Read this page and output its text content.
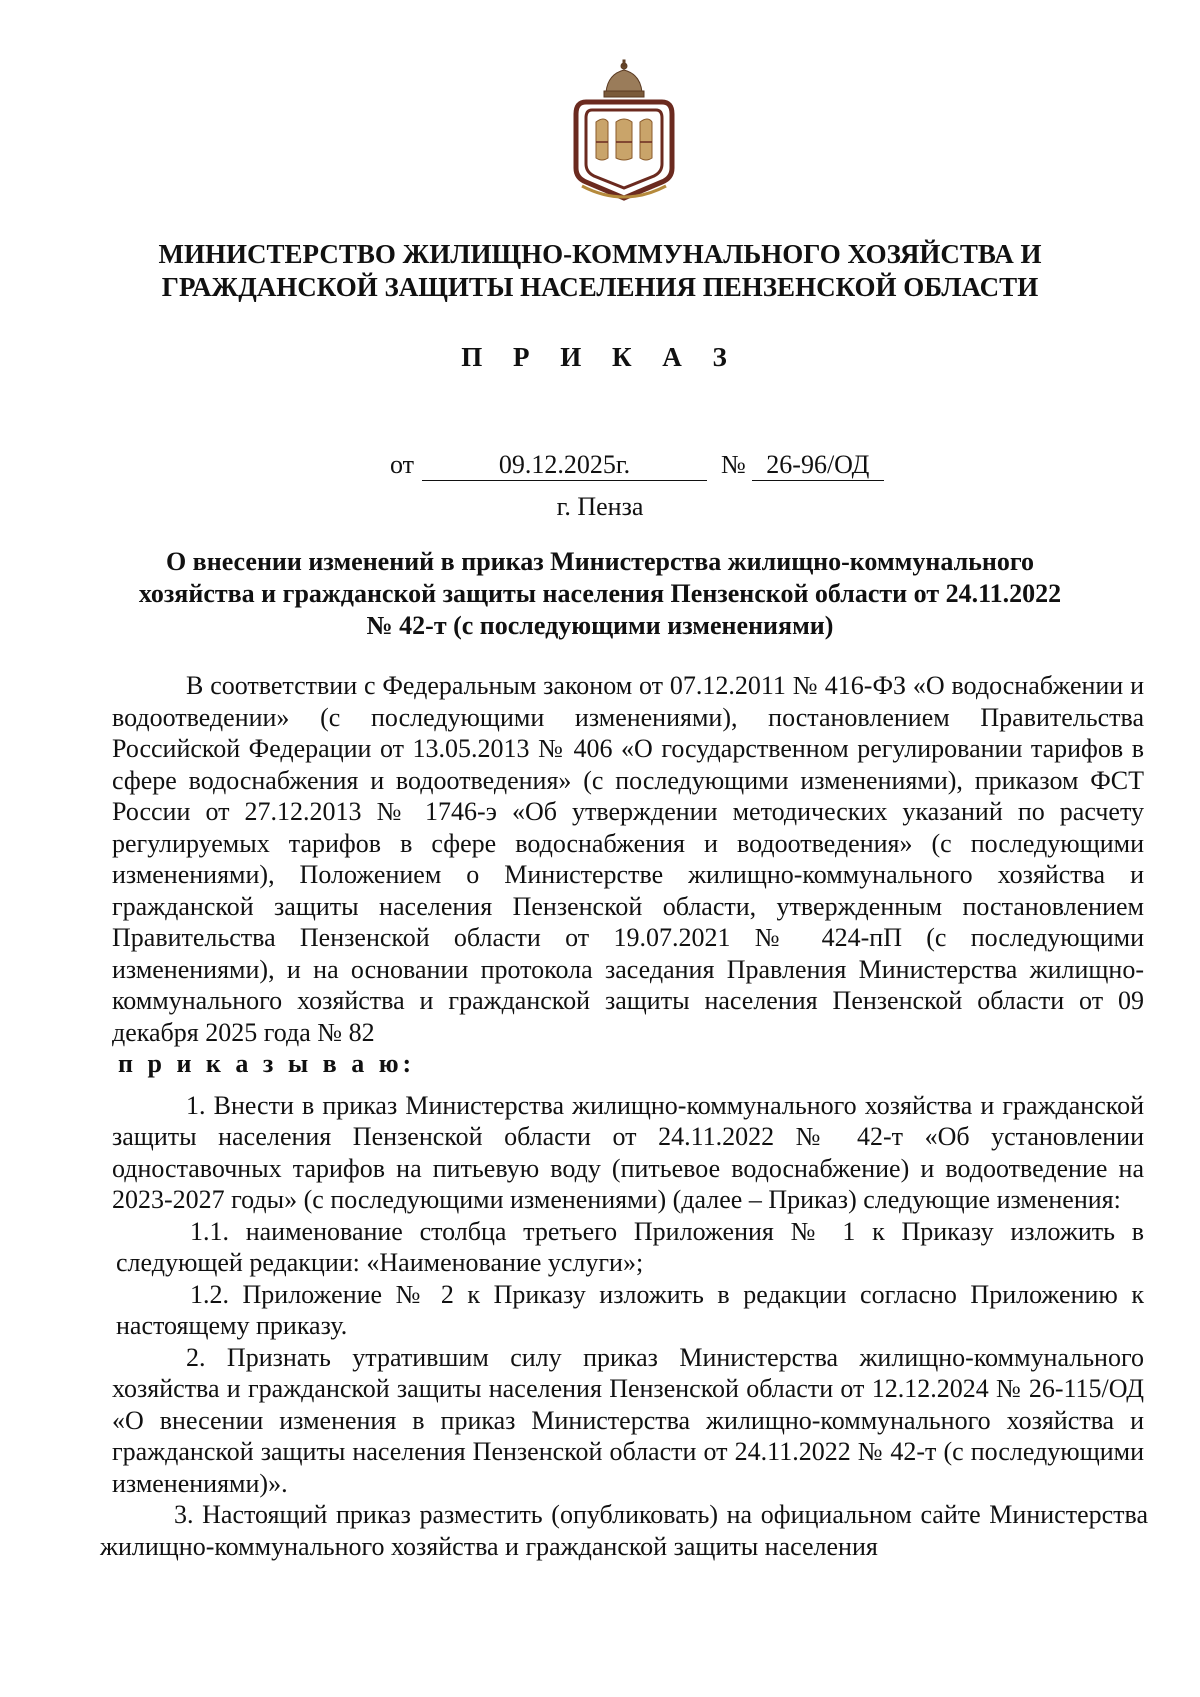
МИНИСТЕРСТВО ЖИЛИЩНО-КОММУНАЛЬНОГО ХОЗЯЙСТВА И
ГРАЖДАНСКОЙ ЗАЩИТЫ НАСЕЛЕНИЯ ПЕНЗЕНСКОЙ ОБЛАСТИ
П Р И К А З
от	09.12.2025г.	№ 26-96/ОД
г. Пенза
О внесении изменений в приказ Министерства жилищно-коммунального
хозяйства и гражданской защиты населения Пензенской области от 24.11.2022
№ 42-т (с последующими изменениями)

В соответствии с Федеральным законом от 07.12.2011 № 416-ФЗ «О водоснабжении и водоотведении» (с последующими изменениями), постановлением Правительства Российской Федерации от 13.05.2013 № 406 «О государственном регулировании тарифов в сфере водоснабжения и водоотведения» (с последующими изменениями), приказом ФСТ России от 27.12.2013 № 1746-э «Об утверждении методических указаний по расчету регулируемых тарифов в сфере водоснабжения и водоотведения» (с последующими изменениями), Положением о Министерстве жилищно-коммунального хозяйства и гражданской защиты населения Пензенской области, утвержденным постановлением Правительства Пензенской области от 19.07.2021 № 424-пП (с последующими изменениями), и на основании протокола заседания Правления Министерства жилищно-коммунального хозяйства и гражданской защиты населения Пензенской области от 09 декабря 2025 года № 82

п р и к а з ы в а ю:

1. Внести в приказ Министерства жилищно-коммунального хозяйства и гражданской защиты населения Пензенской области от 24.11.2022 № 42-т «Об установлении одноставочных тарифов на питьевую воду (питьевое водоснабжение) и водоотведение на 2023-2027 годы» (с последующими изменениями) (далее – Приказ) следующие изменения:

1.1. наименование столбца третьего Приложения № 1 к Приказу изложить в следующей редакции: «Наименование услуги»;

1.2. Приложение № 2 к Приказу изложить в редакции согласно Приложению к настоящему приказу.

2. Признать утратившим силу приказ Министерства жилищно-коммунального хозяйства и гражданской защиты населения Пензенской области от 12.12.2024 № 26-115/ОД «О внесении изменения в приказ Министерства жилищно-коммунального хозяйства и гражданской защиты населения Пензенской области от 24.11.2022 № 42-т (с последующими изменениями)».

3. Настоящий приказ разместить (опубликовать) на официальном сайте Министерства жилищно-коммунального хозяйства и гражданской защиты населения
